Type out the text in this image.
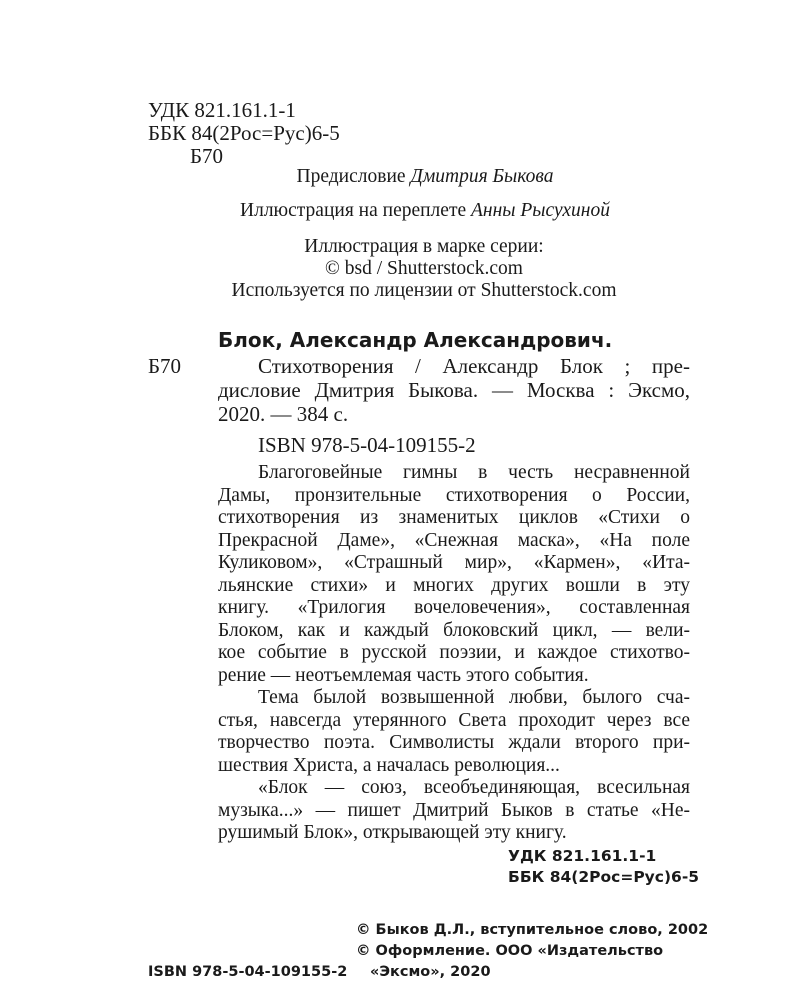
УДК 821.161.1-1
ББК 84(2Рос=Рус)6-5
Б70
Предисловие Дмитрия Быкова
Иллюстрация на переплете Анны Рысухиной
Иллюстрация в марке серии:
© bsd / Shutterstock.com
Используется по лицензии от Shutterstock.com
Блок, Александр Александрович.
Б70	Стихотворения / Александр Блок ; пре-
дисловие Дмитрия Быкова. — Москва : Эксмо,
2020. — 384 с.
ISBN 978-5-04-109155-2

Благоговейные гимны в честь несравненной

Дамы, пронзительные стихотворения о России,

стихотворения из знаменитых циклов «Стихи о

Прекрасной Даме», «Снежная маска», «На поле

Куликовом», «Страшный мир», «Кармен», «Ита-

льянские стихи» и многих других вошли в эту

книгу. «Трилогия вочеловечения», составленная

Блоком, как и каждый блоковский цикл, — вели-

кое событие в русской поэзии, и каждое стихотво-

рение — неотъемлемая часть этого события.

Тема былой возвышенной любви, былого сча-

стья, навсегда утерянного Света проходит через все

творчество поэта. Символисты ждали второго при-

шествия Христа, а началась революция...

«Блок — союз, всеобъединяющая, всесильная

музыка...» — пишет Дмитрий Быков в статье «Не-

рушимый Блок», открывающей эту книгу.

УДК 821.161.1-1
ББК 84(2Рос=Рус)6-5
© Быков Д.Л., вступительное слово, 2002
© Оформление. ООО «Издательство
«Эксмо», 2020
ISBN 978-5-04-109155-2
